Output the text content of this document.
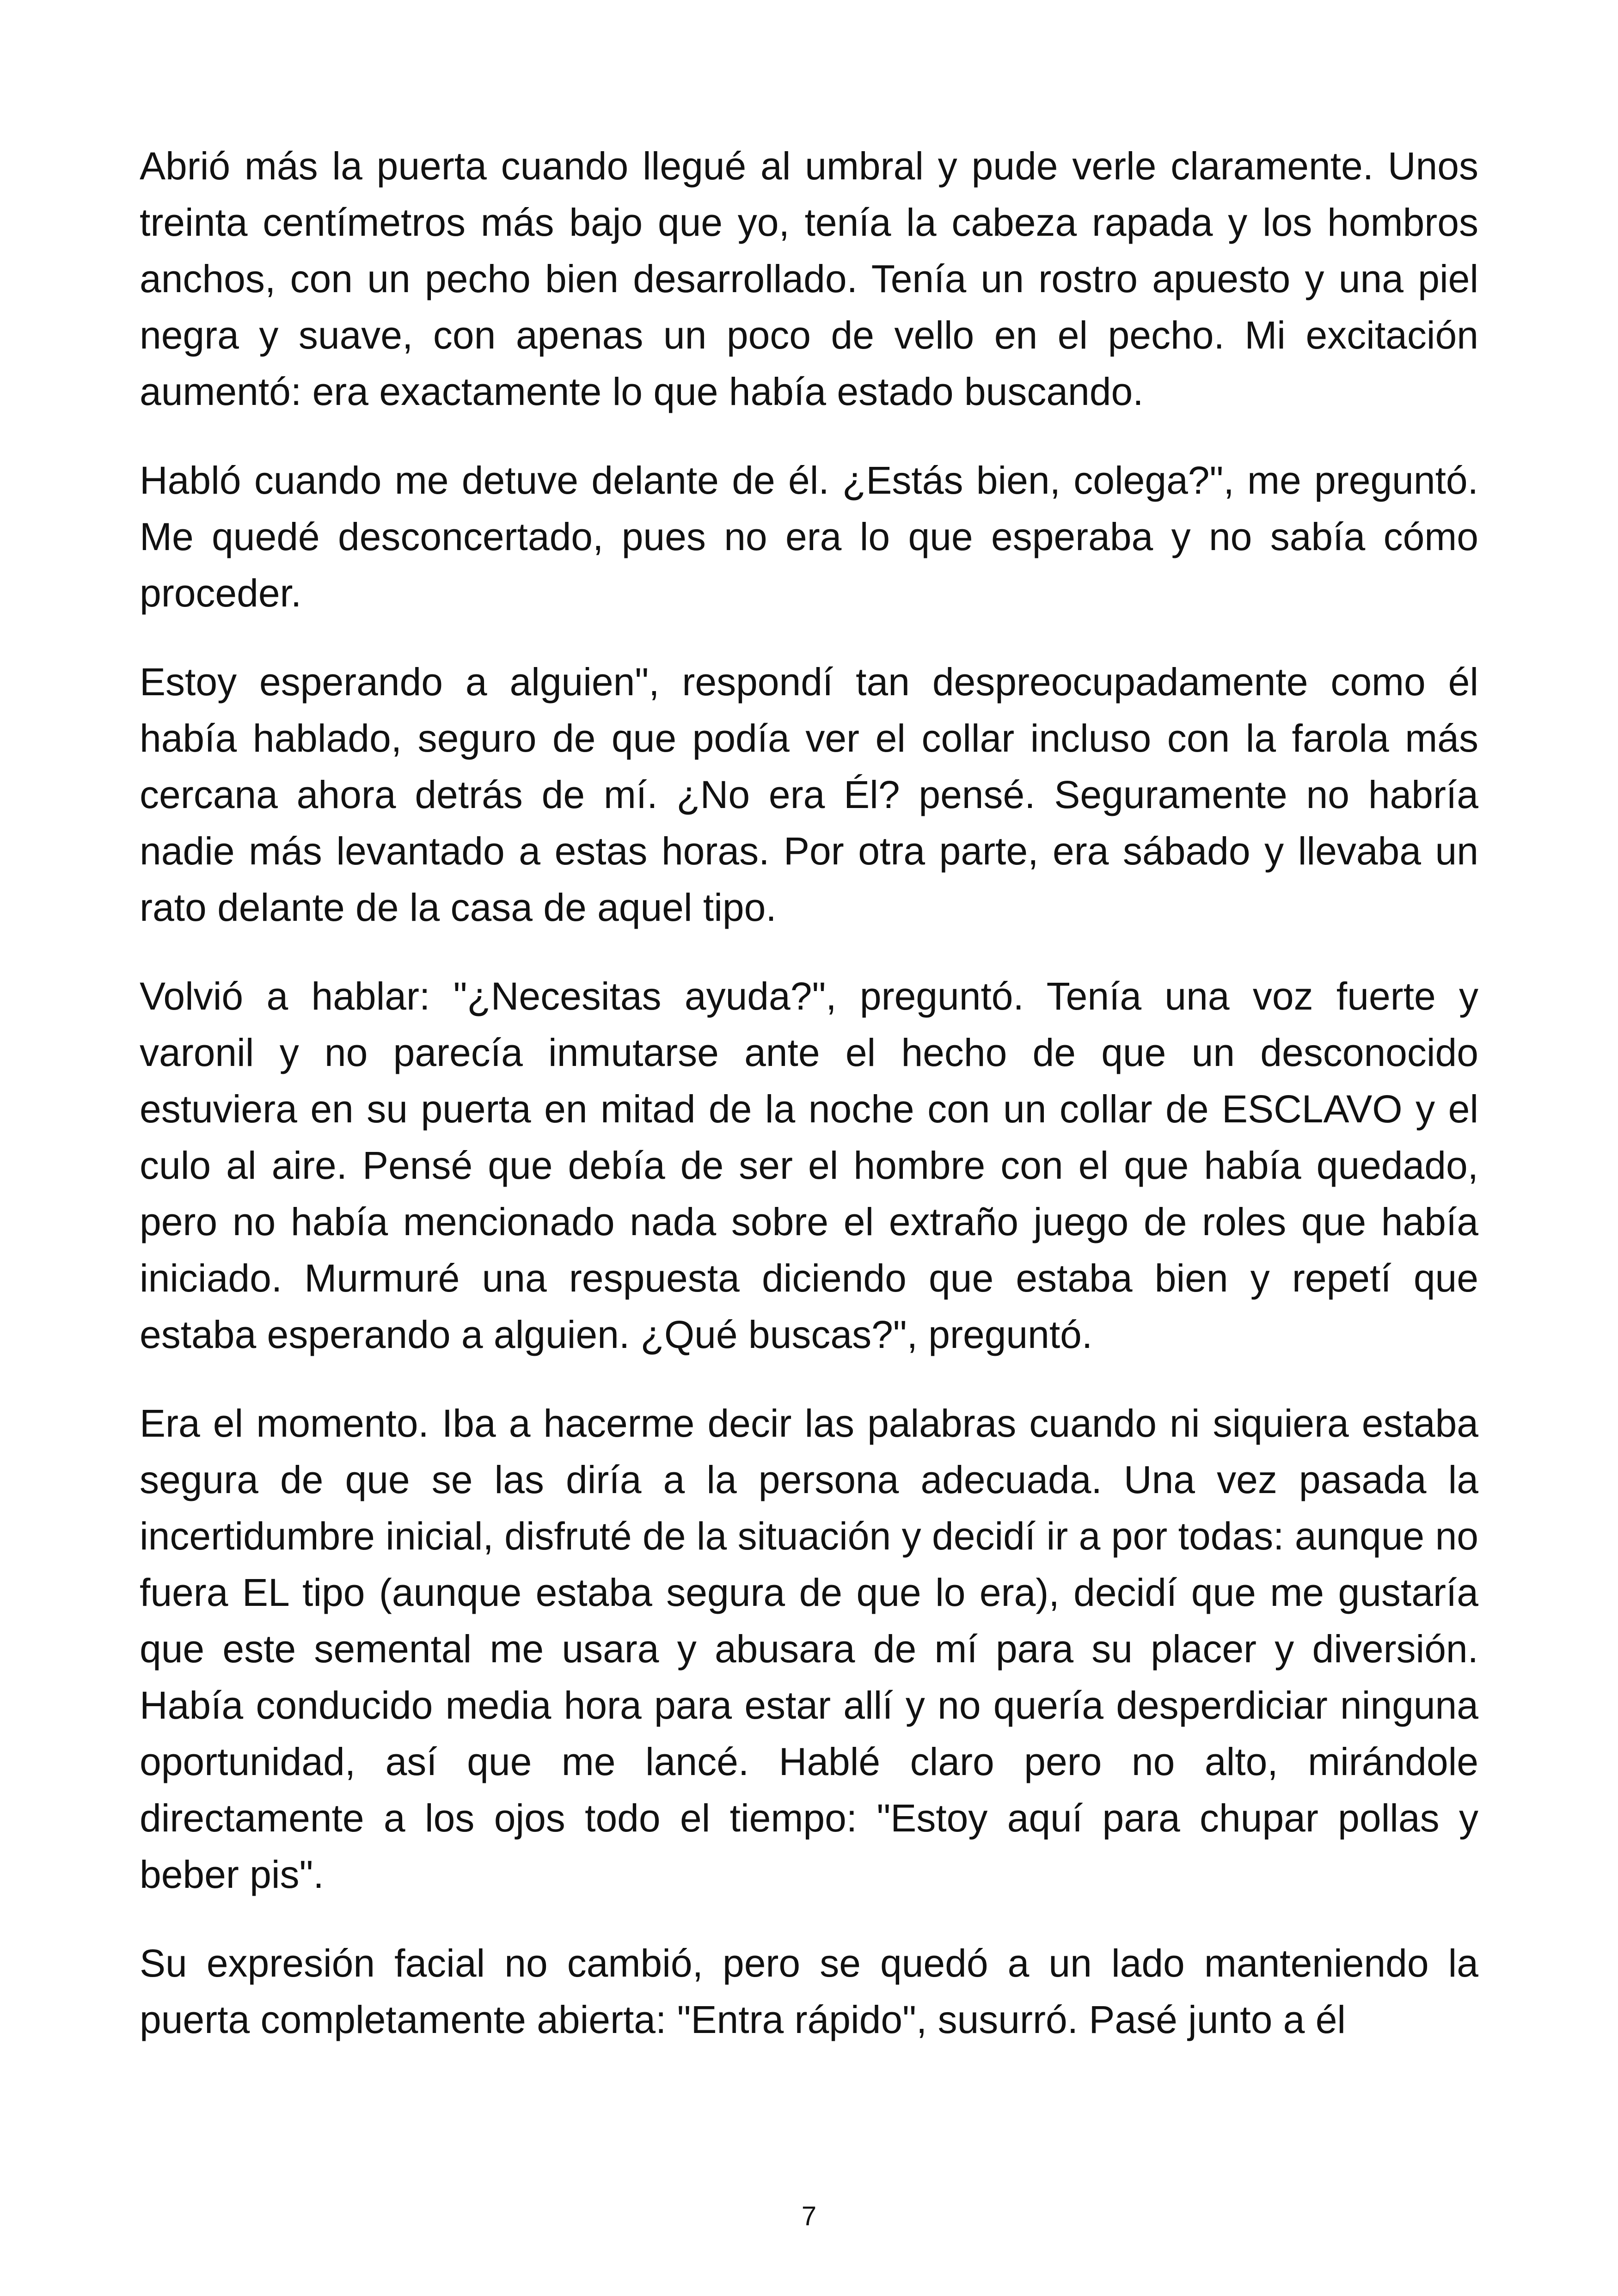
Abrió más la puerta cuando llegué al umbral y pude verle claramente. Unos treinta centímetros más bajo que yo, tenía la cabeza rapada y los hombros anchos, con un pecho bien desarrollado. Tenía un rostro apuesto y una piel negra y suave, con apenas un poco de vello en el pecho. Mi excitación aumentó: era exactamente lo que había estado buscando.

Habló cuando me detuve delante de él. ¿Estás bien, colega?", me preguntó. Me quedé desconcertado, pues no era lo que esperaba y no sabía cómo proceder.

Estoy esperando a alguien", respondí tan despreocupadamente como él había hablado, seguro de que podía ver el collar incluso con la farola más cercana ahora detrás de mí. ¿No era Él? pensé. Seguramente no habría nadie más levantado a estas horas. Por otra parte, era sábado y llevaba un rato delante de la casa de aquel tipo.

Volvió a hablar: "¿Necesitas ayuda?", preguntó. Tenía una voz fuerte y varonil y no parecía inmutarse ante el hecho de que un desconocido estuviera en su puerta en mitad de la noche con un collar de ESCLAVO y el culo al aire. Pensé que debía de ser el hombre con el que había quedado, pero no había mencionado nada sobre el extraño juego de roles que había iniciado. Murmuré una respuesta diciendo que estaba bien y repetí que estaba esperando a alguien. ¿Qué buscas?", preguntó.

Era el momento. Iba a hacerme decir las palabras cuando ni siquiera estaba segura de que se las diría a la persona adecuada. Una vez pasada la incertidumbre inicial, disfruté de la situación y decidí ir a por todas: aunque no fuera EL tipo (aunque estaba segura de que lo era), decidí que me gustaría que este semental me usara y abusara de mí para su placer y diversión. Había conducido media hora para estar allí y no quería desperdiciar ninguna oportunidad, así que me lancé. Hablé claro pero no alto, mirándole directamente a los ojos todo el tiempo: "Estoy aquí para chupar pollas y beber pis".

Su expresión facial no cambió, pero se quedó a un lado manteniendo la puerta completamente abierta: "Entra rápido", susurró. Pasé junto a él

7
